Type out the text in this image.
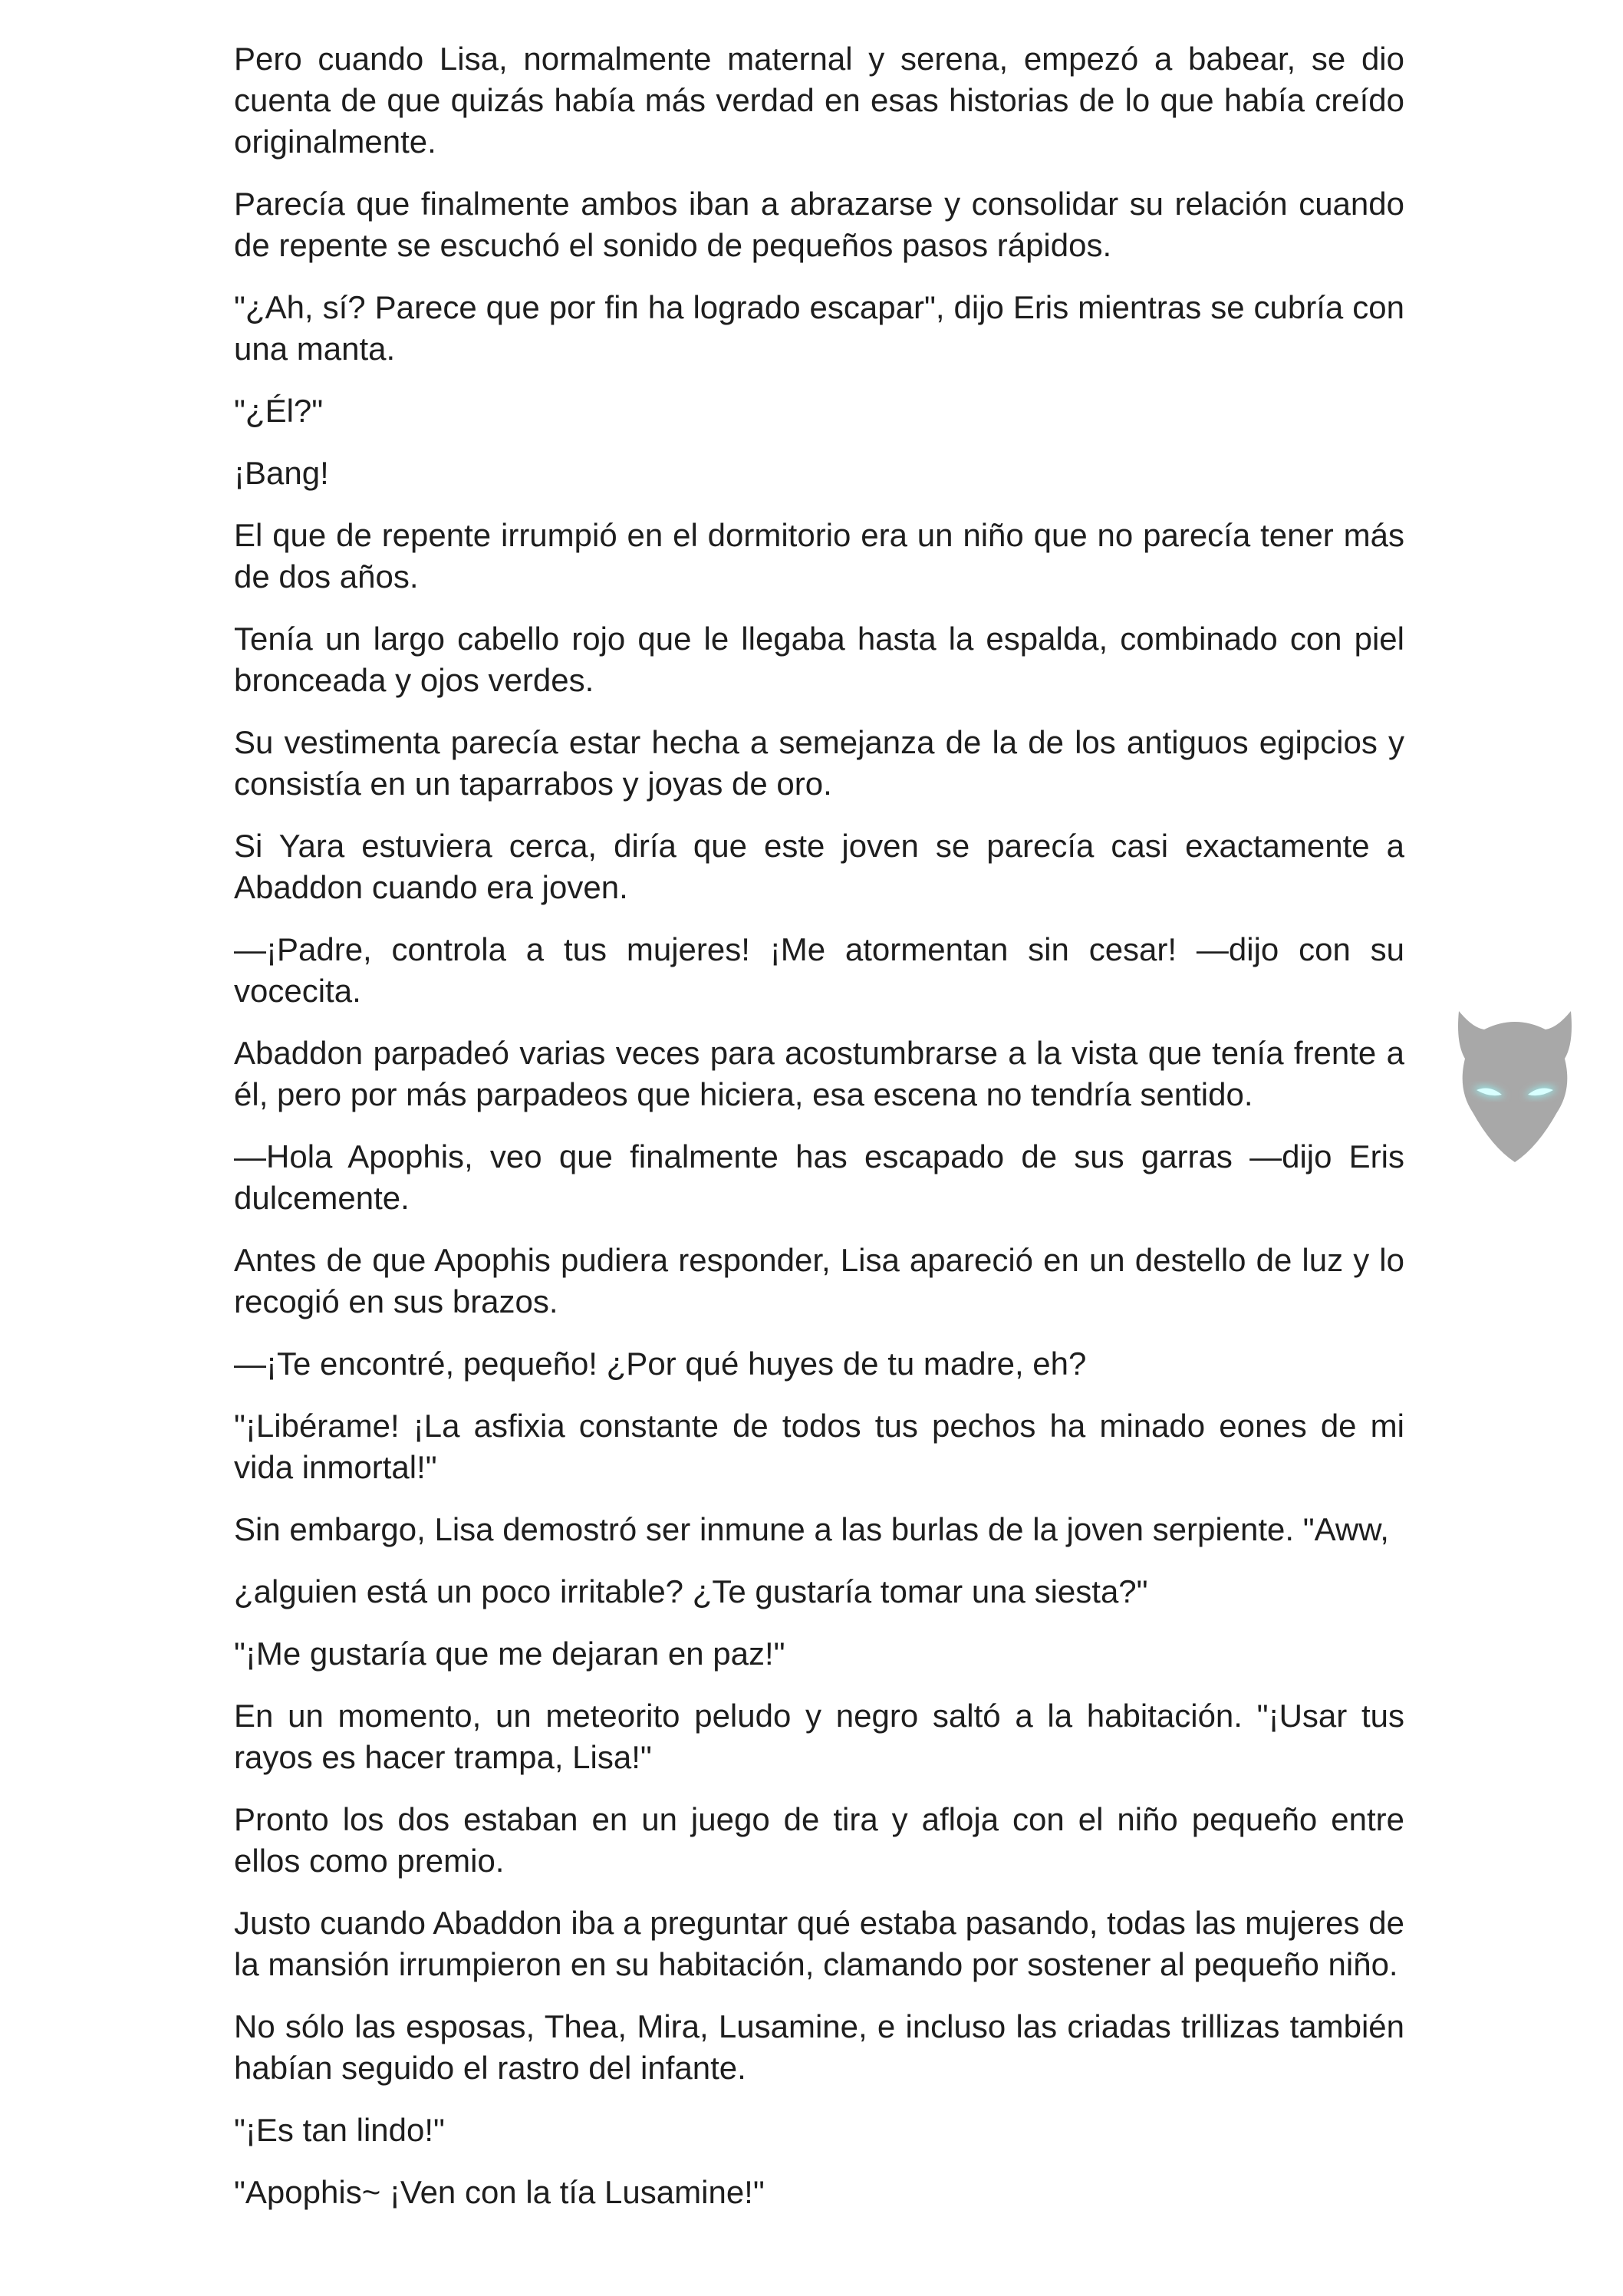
Pero cuando Lisa, normalmente maternal y serena, empezó a babear, se dio cuenta de que quizás había más verdad en esas historias de lo que había creído originalmente.

Parecía que finalmente ambos iban a abrazarse y consolidar su relación cuando de repente se escuchó el sonido de pequeños pasos rápidos.

"¿Ah, sí? Parece que por fin ha logrado escapar", dijo Eris mientras se cubría con una manta.

"¿Él?"

¡Bang!

El que de repente irrumpió en el dormitorio era un niño que no parecía tener más de dos años.

Tenía un largo cabello rojo que le llegaba hasta la espalda, combinado con piel bronceada y ojos verdes.

Su vestimenta parecía estar hecha a semejanza de la de los antiguos egipcios y consistía en un taparrabos y joyas de oro.

Si Yara estuviera cerca, diría que este joven se parecía casi exactamente a Abaddon cuando era joven.

—¡Padre, controla a tus mujeres! ¡Me atormentan sin cesar! —dijo con su vocecita.

Abaddon parpadeó varias veces para acostumbrarse a la vista que tenía frente a él, pero por más parpadeos que hiciera, esa escena no tendría sentido.

—Hola Apophis, veo que finalmente has escapado de sus garras —dijo Eris dulcemente.

Antes de que Apophis pudiera responder, Lisa apareció en un destello de luz y lo recogió en sus brazos.

—¡Te encontré, pequeño! ¿Por qué huyes de tu madre, eh?

"¡Libérame! ¡La asfixia constante de todos tus pechos ha minado eones de mi vida inmortal!"

Sin embargo, Lisa demostró ser inmune a las burlas de la joven serpiente. "Aww,

¿alguien está un poco irritable? ¿Te gustaría tomar una siesta?"

"¡Me gustaría que me dejaran en paz!"

En un momento, un meteorito peludo y negro saltó a la habitación. "¡Usar tus rayos es hacer trampa, Lisa!"

Pronto los dos estaban en un juego de tira y afloja con el niño pequeño entre ellos como premio.

Justo cuando Abaddon iba a preguntar qué estaba pasando, todas las mujeres de la mansión irrumpieron en su habitación, clamando por sostener al pequeño niño.

No sólo las esposas, Thea, Mira, Lusamine, e incluso las criadas trillizas también habían seguido el rastro del infante.

"¡Es tan lindo!"

"Apophis~ ¡Ven con la tía Lusamine!"
